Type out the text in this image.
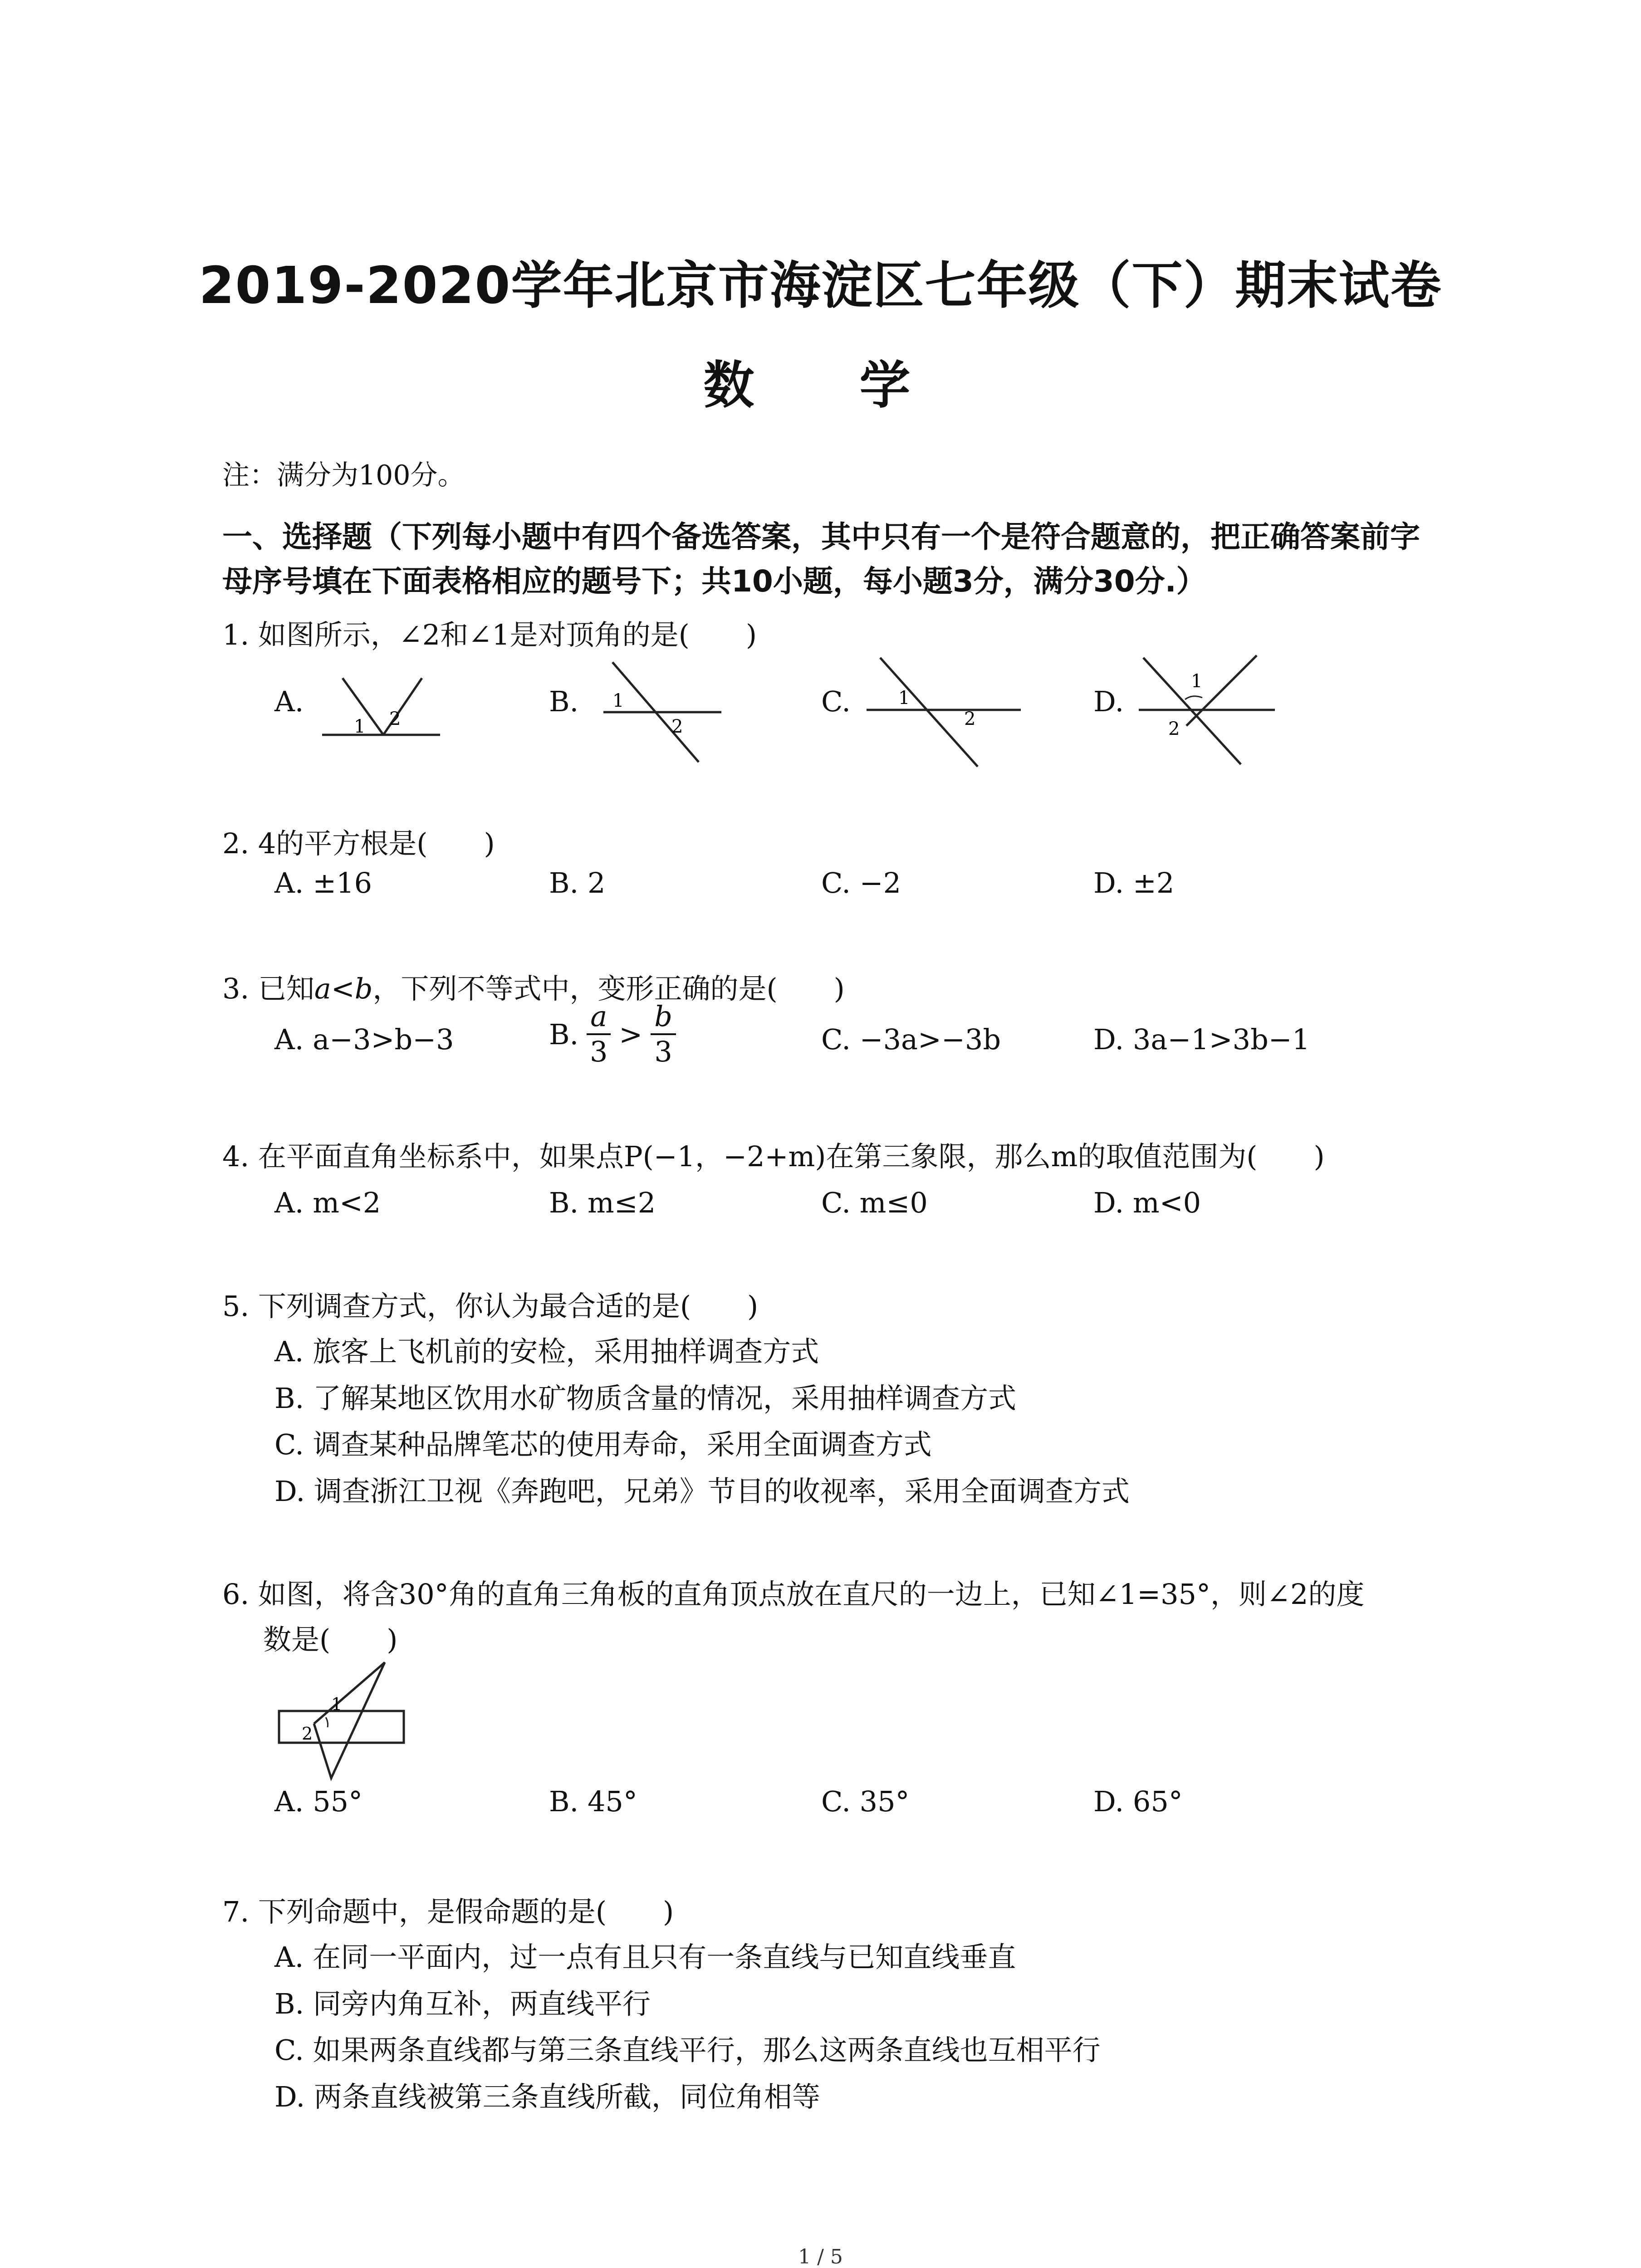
2019-2020学年北京市海淀区七年级（下）期末试卷
数　学
注：满分为100分。
一、选择题（下列每小题中有四个备选答案，其中只有一个是符合题意的，把正确答案前字
母序号填在下面表格相应的题号下；共10小题，每小题3分，满分30分.）
1. 如图所示，∠2和∠1是对顶角的是(　　)
A.	B.	C.	D.
1 2
1
2
1
2
1
2
2. 4的平方根是(　　)
A. ±16	B. 2	C. −2	D. ±2
3. 已知a<b，下列不等式中，变形正确的是(　　)
A. a−3>b−3	B. $\frac{a}{3} > \frac{b}{3}$	C. −3a>−3b	D. 3a−1>3b−1
4. 在平面直角坐标系中，如果点P(−1，−2+m)在第三象限，那么m的取值范围为(　　)
A. m<2	B. m≤2	C. m≤0	D. m<0
5. 下列调查方式，你认为最合适的是(　　)
A. 旅客上飞机前的安检，采用抽样调查方式
B. 了解某地区饮用水矿物质含量的情况，采用抽样调查方式
C. 调查某种品牌笔芯的使用寿命，采用全面调查方式
D. 调查浙江卫视《奔跑吧，兄弟》节目的收视率，采用全面调查方式
6. 如图，将含30°角的直角三角板的直角顶点放在直尺的一边上，已知∠1=35°，则∠2的度
数是(　　)
1
2
A. 55°	B. 45°	C. 35°	D. 65°
7. 下列命题中，是假命题的是(　　)
A. 在同一平面内，过一点有且只有一条直线与已知直线垂直
B. 同旁内角互补，两直线平行
C. 如果两条直线都与第三条直线平行，那么这两条直线也互相平行
D. 两条直线被第三条直线所截，同位角相等
1 / 5
